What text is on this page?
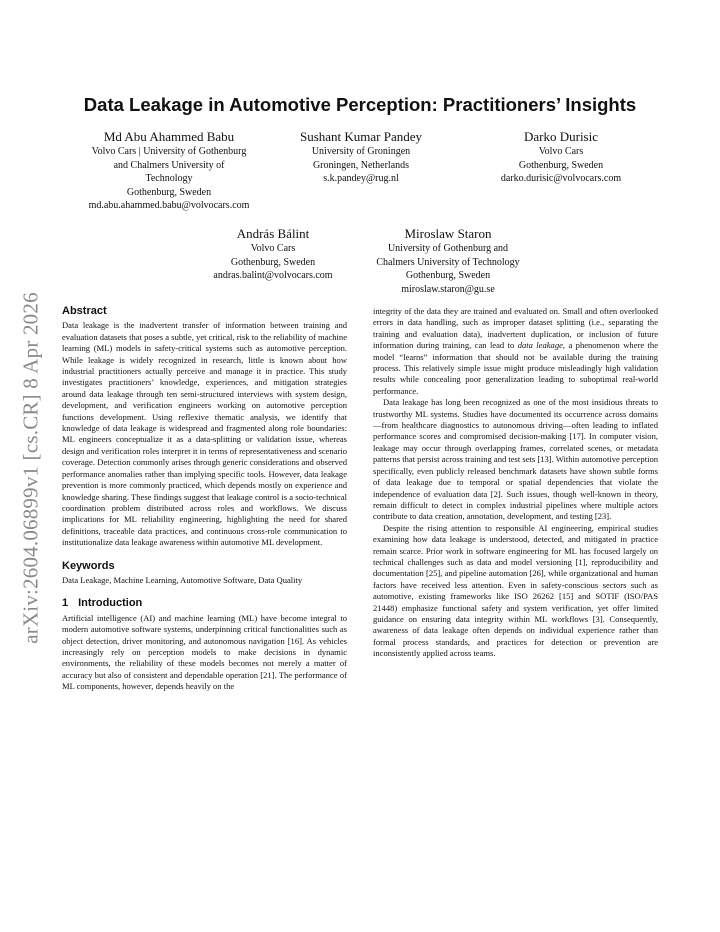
arXiv:2604.06899v1 [cs.CR] 8 Apr 2026
Data Leakage in Automotive Perception: Practitioners’ Insights
Md Abu Ahammed Babu
Volvo Cars | University of Gothenburg
and Chalmers University of
Technology
Gothenburg, Sweden
md.abu.ahammed.babu@volvocars.com
Sushant Kumar Pandey
University of Groningen
Groningen, Netherlands
s.k.pandey@rug.nl
Darko Durisic
Volvo Cars
Gothenburg, Sweden
darko.durisic@volvocars.com
András Bálint
Volvo Cars
Gothenburg, Sweden
andras.balint@volvocars.com
Miroslaw Staron
University of Gothenburg and
Chalmers University of Technology
Gothenburg, Sweden
miroslaw.staron@gu.se
Abstract

Data leakage is the inadvertent transfer of information between training and evaluation datasets that poses a subtle, yet critical, risk to the reliability of machine learning (ML) models in safety-critical systems such as automotive perception. While leakage is widely recognized in research, little is known about how industrial practitioners actually perceive and manage it in practice. This study investigates practitioners’ knowledge, experiences, and mitigation strategies around data leakage through ten semi-structured interviews with system design, development, and verification engineers working on automotive perception functions development. Using reflexive thematic analysis, we identify that knowledge of data leakage is widespread and fragmented along role boundaries: ML engineers conceptualize it as a data-splitting or validation issue, whereas design and verification roles interpret it in terms of representativeness and scenario coverage. Detection commonly arises through generic considerations and observed performance anomalies rather than implying specific tools. However, data leakage prevention is more commonly practiced, which depends mostly on experience and knowledge sharing. These findings suggest that leakage control is a socio-technical coordination problem distributed across roles and workflows. We discuss implications for ML reliability engineering, highlighting the need for shared definitions, traceable data practices, and continuous cross-role communication to institutionalize data leakage awareness within automotive ML development.

Keywords

Data Leakage, Machine Learning, Automotive Software, Data Quality

1 Introduction

Artificial intelligence (AI) and machine learning (ML) have become integral to modern automotive software systems, underpinning critical functionalities such as object detection, driver monitoring, and autonomous navigation [16]. As vehicles increasingly rely on perception models to make decisions in dynamic environments, the reliability of these models becomes not merely a matter of accuracy but also of consistent and dependable operation [21]. The performance of ML components, however, depends heavily on the

integrity of the data they are trained and evaluated on. Small and often overlooked errors in data handling, such as improper dataset splitting (i.e., separating the training and evaluation data), inadvertent duplication, or inclusion of future information during training, can lead to data leakage, a phenomenon where the model “learns” information that should not be available during the training process. This relatively simple issue might produce misleadingly high validation results while concealing poor generalization leading to suboptimal real-world performance.

Data leakage has long been recognized as one of the most insidious threats to trustworthy ML systems. Studies have documented its occurrence across domains—from healthcare diagnostics to autonomous driving—often leading to inflated performance scores and compromised decision-making [17]. In computer vision, leakage may occur through overlapping frames, correlated scenes, or metadata patterns that persist across training and test sets [13]. Within automotive perception specifically, even publicly released benchmark datasets have shown subtle forms of data leakage due to temporal or spatial dependencies that violate the independence of evaluation data [2]. Such issues, though well-known in theory, remain difficult to detect in complex industrial pipelines where multiple actors contribute to data creation, annotation, development, and testing [23].

Despite the rising attention to responsible AI engineering, empirical studies examining how data leakage is understood, detected, and mitigated in practice remain scarce. Prior work in software engineering for ML has focused largely on technical challenges such as data and model versioning [1], reproducibility and documentation [25], and pipeline automation [26], while organizational and human factors have received less attention. Even in safety-conscious sectors such as automotive, existing frameworks like ISO 26262 [15] and SOTIF (ISO/PAS 21448) emphasize functional safety and system verification, yet offer limited guidance on ensuring data integrity within ML workflows [3]. Consequently, awareness of data leakage often depends on individual experience rather than formal process standards, and practices for detection or prevention are inconsistently applied across teams.
